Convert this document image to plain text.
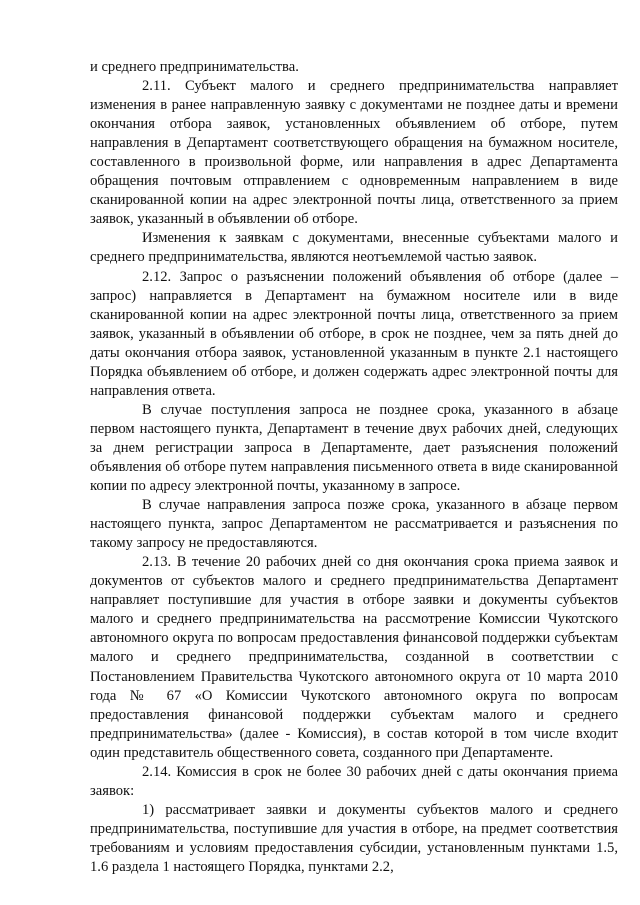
и среднего предпринимательства.

2.11. Субъект малого и среднего предпринимательства направляет изменения в ранее направленную заявку с документами не позднее даты и времени окончания отбора заявок, установленных объявлением об отборе, путем направления в Департамент соответствующего обращения на бумажном носителе, составленного в произвольной форме, или направления в адрес Департамента обращения почтовым отправлением с одновременным направлением в виде сканированной копии на адрес электронной почты лица, ответственного за прием заявок, указанный в объявлении об отборе.

Изменения к заявкам с документами, внесенные субъектами малого и среднего предпринимательства, являются неотъемлемой частью заявок.

2.12. Запрос о разъяснении положений объявления об отборе (далее – запрос) направляется в Департамент на бумажном носителе или в виде сканированной копии на адрес электронной почты лица, ответственного за прием заявок, указанный в объявлении об отборе, в срок не позднее, чем за пять дней до даты окончания отбора заявок, установленной указанным в пункте 2.1 настоящего Порядка объявлением об отборе, и должен содержать адрес электронной почты для направления ответа.

В случае поступления запроса не позднее срока, указанного в абзаце первом настоящего пункта, Департамент в течение двух рабочих дней, следующих за днем регистрации запроса в Департаменте, дает разъяснения положений объявления об отборе путем направления письменного ответа в виде сканированной копии по адресу электронной почты, указанному в запросе.

В случае направления запроса позже срока, указанного в абзаце первом настоящего пункта, запрос Департаментом не рассматривается и разъяснения по такому запросу не предоставляются.

2.13. В течение 20 рабочих дней со дня окончания срока приема заявок и документов от субъектов малого и среднего предпринимательства Департамент направляет поступившие для участия в отборе заявки и документы субъектов малого и среднего предпринимательства на рассмотрение Комиссии Чукотского автономного округа по вопросам предоставления финансовой поддержки субъектам малого и среднего предпринимательства, созданной в соответствии с Постановлением Правительства Чукотского автономного округа от 10 марта 2010 года № 67 «О Комиссии Чукотского автономного округа по вопросам предоставления финансовой поддержки субъектам малого и среднего предпринимательства» (далее - Комиссия), в состав которой в том числе входит один представитель общественного совета, созданного при Департаменте.

2.14. Комиссия в срок не более 30 рабочих дней с даты окончания приема заявок:

1) рассматривает заявки и документы субъектов малого и среднего предпринимательства, поступившие для участия в отборе, на предмет соответствия требованиям и условиям предоставления субсидии, установленным пунктами 1.5, 1.6 раздела 1 настоящего Порядка, пунктами 2.2,
